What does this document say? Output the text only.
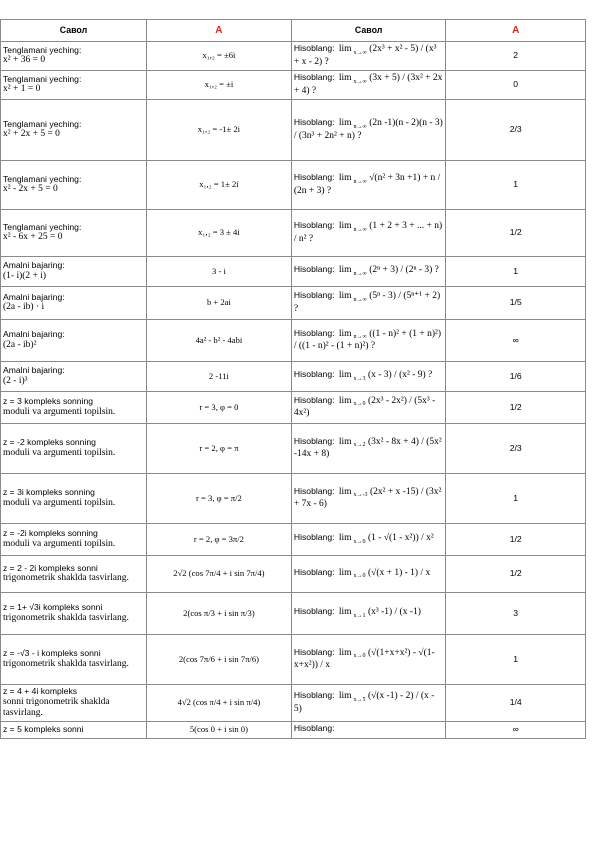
Савол	A	Савол	A

Tenglamani yeching:
x² + 36 = 0	x₁,₂ = ±6i	Hisoblang: lim $_{x\to\infty}$ (2x³ + x² - 5) / (x³ + x - 2) ?	2

Tenglamani yeching:
x² + 1 = 0	x₁,₂ = ±i	Hisoblang: lim $_{x\to\infty}$ (3x + 5) / (3x² + 2x + 4) ?	0

Tenglamani yeching:
x² + 2x + 5 = 0	x₁,₂ = -1± 2i	Hisoblang: lim $_{n\to\infty}$ (2n -1)(n - 2)(n - 3) / (3n³ + 2n² + n) ?	2/3

Tenglamani yeching:
x² - 2x + 5 = 0	x₁,₂ = 1± 2i	Hisoblang: lim $_{n\to\infty}$ √(n² + 3n +1) + n / (2n + 3) ?	1

Tenglamani yeching:
x² - 6x + 25 = 0	x₁,₂ = 3 ± 4i	Hisoblang: lim $_{n\to\infty}$ (1 + 2 + 3 + ... + n) / n² ?	1/2

Amalni bajaring:
(1- i)(2 + i)	3 - i	Hisoblang: lim $_{n\to\infty}$ (2ⁿ + 3) / (2ⁿ - 3) ?	1

Amalni bajaring:
(2a - ib) · i	b + 2ai	Hisoblang: lim $_{n\to\infty}$ (5ⁿ - 3) / (5ⁿ⁺¹ + 2) ?	1/5

Amalni bajaring:
(2a - ib)²	4a² - b² - 4abi	Hisoblang: lim $_{n\to\infty}$ ((1 - n)² + (1 + n)²) / ((1 - n)² - (1 + n)²) ?	∞

Amalni bajaring:
(2 - i)³	2 -11i	Hisoblang: lim $_{x\to 3}$ (x - 3) / (x² - 9) ?	1/6

z = 3 kompleks sonning
moduli va argumenti topilsin.	r = 3, φ = 0	Hisoblang: lim $_{x\to 0}$ (2x³ - 2x²) / (5x³ - 4x²)	1/2

z = -2 kompleks sonning
moduli va argumenti topilsin.	r = 2, φ = π	Hisoblang: lim $_{x\to 2}$ (3x² - 8x + 4) / (5x² -14x + 8)	2/3

z = 3i kompleks sonning
moduli va argumenti topilsin.	r = 3, φ = π/2	Hisoblang: lim $_{x\to-3}$ (2x² + x -15) / (3x² + 7x - 6)	1

z = -2i kompleks sonning
moduli va argumenti topilsin.	r = 2, φ = 3π/2	Hisoblang: lim $_{x\to 0}$ (1 - √(1 - x²)) / x²	1/2

z = 2 - 2i kompleks sonni
trigonometrik shaklda tasvirlang.	2√2 (cos 7π/4 + i sin 7π/4)	Hisoblang: lim $_{x\to 0}$ (√(x + 1) - 1) / x	1/2

z = 1+ √3i kompleks sonni
trigonometrik shaklda tasvirlang.	2(cos π/3 + i sin π/3)	Hisoblang: lim $_{x\to 1}$ (x³ -1) / (x -1)	3

z = -√3 - i kompleks sonni
trigonometrik shaklda tasvirlang.	2(cos 7π/6 + i sin 7π/6)	Hisoblang: lim $_{x\to 0}$ (√(1+x+x²) - √(1-x+x²)) / x	1

z = 4 + 4i kompleks
sonni trigonometrik shaklda tasvirlang.	4√2 (cos π/4 + i sin π/4)	Hisoblang: lim $_{x\to 5}$ (√(x -1) - 2) / (x - 5)	1/4

z = 5 kompleks sonni	5(cos 0 + i sin 0)	Hisoblang:	∞
